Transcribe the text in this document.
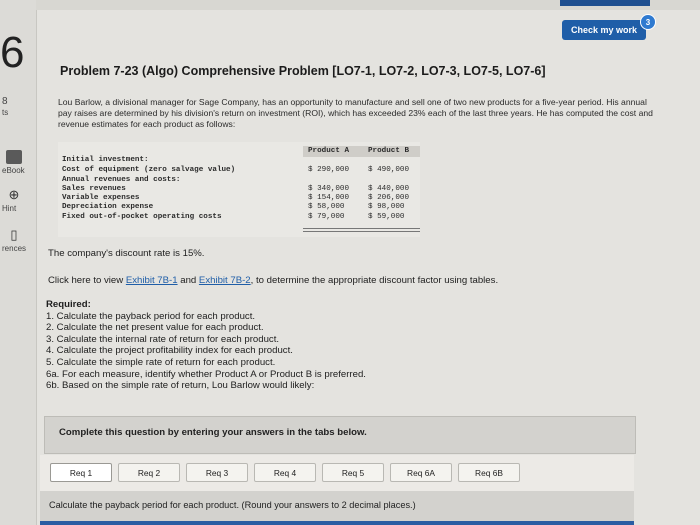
6
8
ts
eBook
⊕
Hint
▯
rences
Check my work
3
Problem 7-23 (Algo) Comprehensive Problem [LO7-1, LO7-2, LO7-3, LO7-5, LO7-6]
Lou Barlow, a divisional manager for Sage Company, has an opportunity to manufacture and sell one of two new products for a five-year period. His annual pay raises are determined by his division's return on investment (ROI), which has exceeded 23% each of the last three years. He has computed the cost and revenue estimates for each product as follows:
Product A Product B
Initial investment:
Cost of equipment (zero salvage value)	$ 290,000 $ 490,000
Annual revenues and costs:
Sales revenues	$ 340,000 $ 440,000
Variable expenses	$ 154,000 $ 206,000
Depreciation expense	$ 58,000	$ 98,000
Fixed out-of-pocket operating costs	$ 79,000	$ 59,000
The company's discount rate is 15%.
Click here to view Exhibit 7B-1 and Exhibit 7B-2, to determine the appropriate discount factor using tables.
Required:
1. Calculate the payback period for each product.
2. Calculate the net present value for each product.
3. Calculate the internal rate of return for each product.
4. Calculate the project profitability index for each product.
5. Calculate the simple rate of return for each product.
6a. For each measure, identify whether Product A or Product B is preferred.
6b. Based on the simple rate of return, Lou Barlow would likely:
Complete this question by entering your answers in the tabs below.
Req 1	Req 2	Req 3	Req 4	Req 5	Req 6A	Req 6B
Calculate the payback period for each product. (Round your answers to 2 decimal places.)
